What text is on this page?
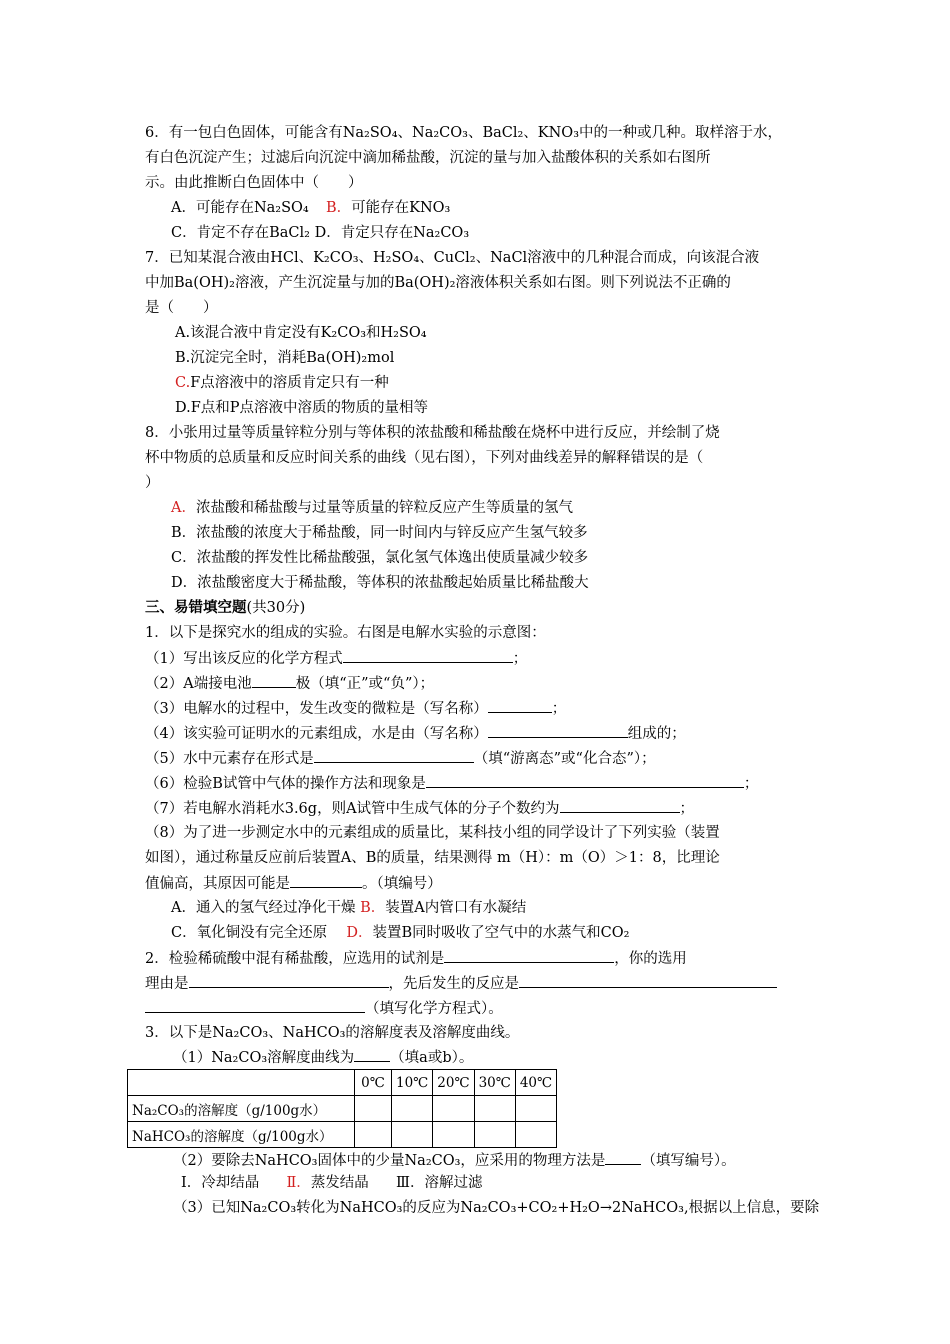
6．有一包白色固体，可能含有Na₂SO₄、Na₂CO₃、BaCl₂、KNO₃中的一种或几种。取样溶于水，
有白色沉淀产生；过滤后向沉淀中滴加稀盐酸，沉淀的量与加入盐酸体积的关系如右图所
示。由此推断白色固体中（　　）
A．可能存在Na₂SO₄ B．可能存在KNO₃
C．肯定不存在BaCl₂ D．肯定只存在Na₂CO₃
7．已知某混合液由HCl、K₂CO₃、H₂SO₄、CuCl₂、NaCl溶液中的几种混合而成，向该混合液
中加Ba(OH)₂溶液，产生沉淀量与加的Ba(OH)₂溶液体积关系如右图。则下列说法不正确的
是（　　）
A.该混合液中肯定没有K₂CO₃和H₂SO₄
B.沉淀完全时，消耗Ba(OH)₂mol
C.F点溶液中的溶质肯定只有一种
D.F点和P点溶液中溶质的物质的量相等
8．小张用过量等质量锌粒分别与等体积的浓盐酸和稀盐酸在烧杯中进行反应，并绘制了烧
杯中物质的总质量和反应时间关系的曲线（见右图），下列对曲线差异的解释错误的是（
）
A．浓盐酸和稀盐酸与过量等质量的锌粒反应产生等质量的氢气
B．浓盐酸的浓度大于稀盐酸，同一时间内与锌反应产生氢气较多
C．浓盐酸的挥发性比稀盐酸强，氯化氢气体逸出使质量减少较多
D．浓盐酸密度大于稀盐酸，等体积的浓盐酸起始质量比稀盐酸大
三、易错填空题(共30分)
1．以下是探究水的组成的实验。右图是电解水实验的示意图：
（1）写出该反应的化学方程式	；
（2）A端接电池	极（填“正”或“负”）；
（3）电解水的过程中，发生改变的微粒是（写名称）	；
（4）该实验可证明水的元素组成，水是由（写名称）	组成的；
（5）水中元素存在形式是	（填“游离态”或“化合态”）；
（6）检验B试管中气体的操作方法和现象是	；
（7）若电解水消耗水3.6g，则A试管中生成气体的分子个数约为	；
（8）为了进一步测定水中的元素组成的质量比，某科技小组的同学设计了下列实验（装置
如图），通过称量反应前后装置A、B的质量，结果测得 m（H）：m（O）＞1：8，比理论
值偏高，其原因可能是	。（填编号）
A．通入的氢气经过净化干燥 B．装置A内管口有水凝结
C．氧化铜没有完全还原 D．装置B同时吸收了空气中的水蒸气和CO₂
2．检验稀硫酸中混有稀盐酸，应选用的试剂是	，你的选用
理由是	，先后发生的反应是
（填写化学方程式）。
3．以下是Na₂CO₃、NaHCO₃的溶解度表及溶解度曲线。
（1）Na₂CO₃溶解度曲线为 （填a或b）。
	0℃	10℃	20℃	30℃	40℃
Na₂CO₃的溶解度（g/100g水）					
NaHCO₃的溶解度（g/100g水）					
（2）要除去NaHCO₃固体中的少量Na₂CO₃，应采用的物理方法是 （填写编号）。
Ⅰ．冷却结晶 Ⅱ．蒸发结晶 Ⅲ．溶解过滤
（3）已知Na₂CO₃转化为NaHCO₃的反应为Na₂CO₃+CO₂+H₂O→2NaHCO₃,根据以上信息，要除
